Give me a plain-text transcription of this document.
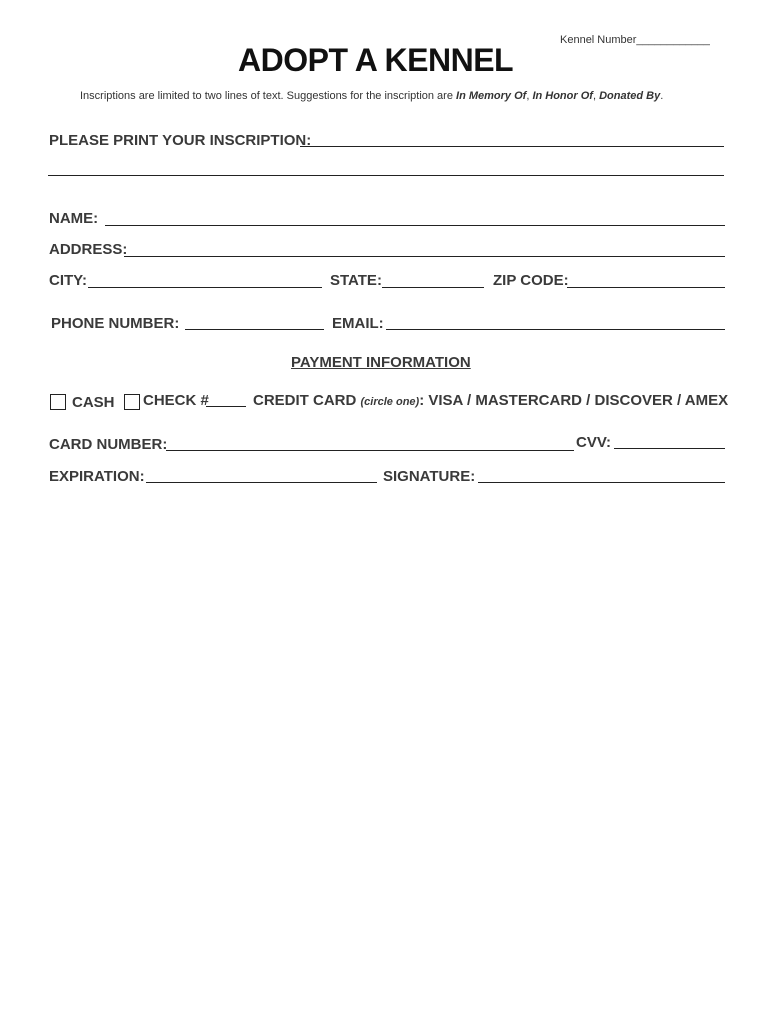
Kennel Number____________
ADOPT A KENNEL
Inscriptions are limited to two lines of text. Suggestions for the inscription are In Memory Of, In Honor Of, Donated By.
PLEASE PRINT YOUR INSCRIPTION:
NAME:
ADDRESS:
CITY:	STATE:	ZIP CODE:
PHONE NUMBER:	EMAIL:
PAYMENT INFORMATION
CASH CHECK #	CREDIT CARD (circle one): VISA / MASTERCARD / DISCOVER / AMEX
CARD NUMBER:	CVV:
EXPIRATION:	SIGNATURE:
